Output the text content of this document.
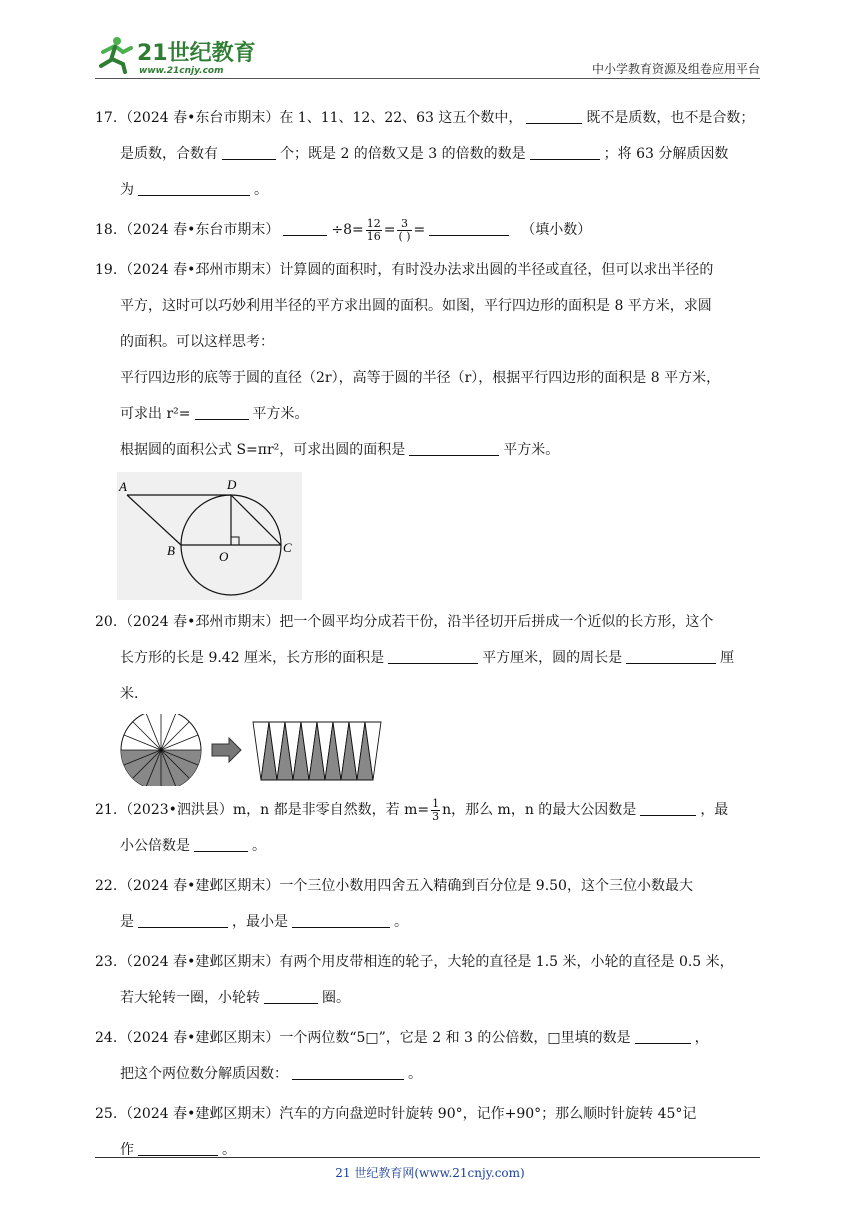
21世纪教育
www.21cnjy.com	中小学教育资源及组卷应用平台
17. （2024 春•东台市期末）在 1、11、12、22、63 这五个数中，	既不是质数，也不是合数；
是质数，合数有	个；既是 2 的倍数又是 3 的倍数的数是	；将 63 分解质因数
为	。
18. （2024 春•东台市期末）	$\div 8= \frac{12}{16} = \frac{3}{( )}$ =	（填小数）
19. （2024 春•邳州市期末）计算圆的面积时，有时没办法求出圆的半径或直径，但可以求出半径的
平方，这时可以巧妙利用半径的平方求出圆的面积。如图，平行四边形的面积是 8 平方米，求圆
的面积。可以这样思考：
平行四边形的底等于圆的直径（2r），高等于圆的半径（r），根据平行四边形的面积是 8 平方米，
可求出 r²=	平方米。
根据圆的面积公式 S=πr²，可求出圆的面积是	平方米。
A	D
B	O
C
20. （2024 春•邳州市期末）把一个圆平均分成若干份，沿半径切开后拼成一个近似的长方形，这个
长方形的长是 9.42 厘米，长方形的面积是	平方厘米，圆的周长是	厘
米.
21. （2023•泗洪县）m，n 都是非零自然数，若 $m= \frac{1}{3}$ n，那么 m，n 的最大公因数是	，最
小公倍数是	。
22. （2024 春•建邺区期末）一个三位小数用四舍五入精确到百分位是 9.50，这个三位小数最大
是	，最小是	。
23. （2024 春•建邺区期末）有两个用皮带相连的轮子，大轮的直径是 1.5 米，小轮的直径是 0.5 米，
若大轮转一圈，小轮转	圈。
24. （2024 春•建邺区期末）一个两位数“5□”，它是 2 和 3 的公倍数，□里填的数是	，
把这个两位数分解质因数：	。
25. （2024 春•建邺区期末）汽车的方向盘逆时针旋转 90°，记作+90°；那么顺时针旋转 45°记
作	。
21 世纪教育网(www.21cnjy.com)
